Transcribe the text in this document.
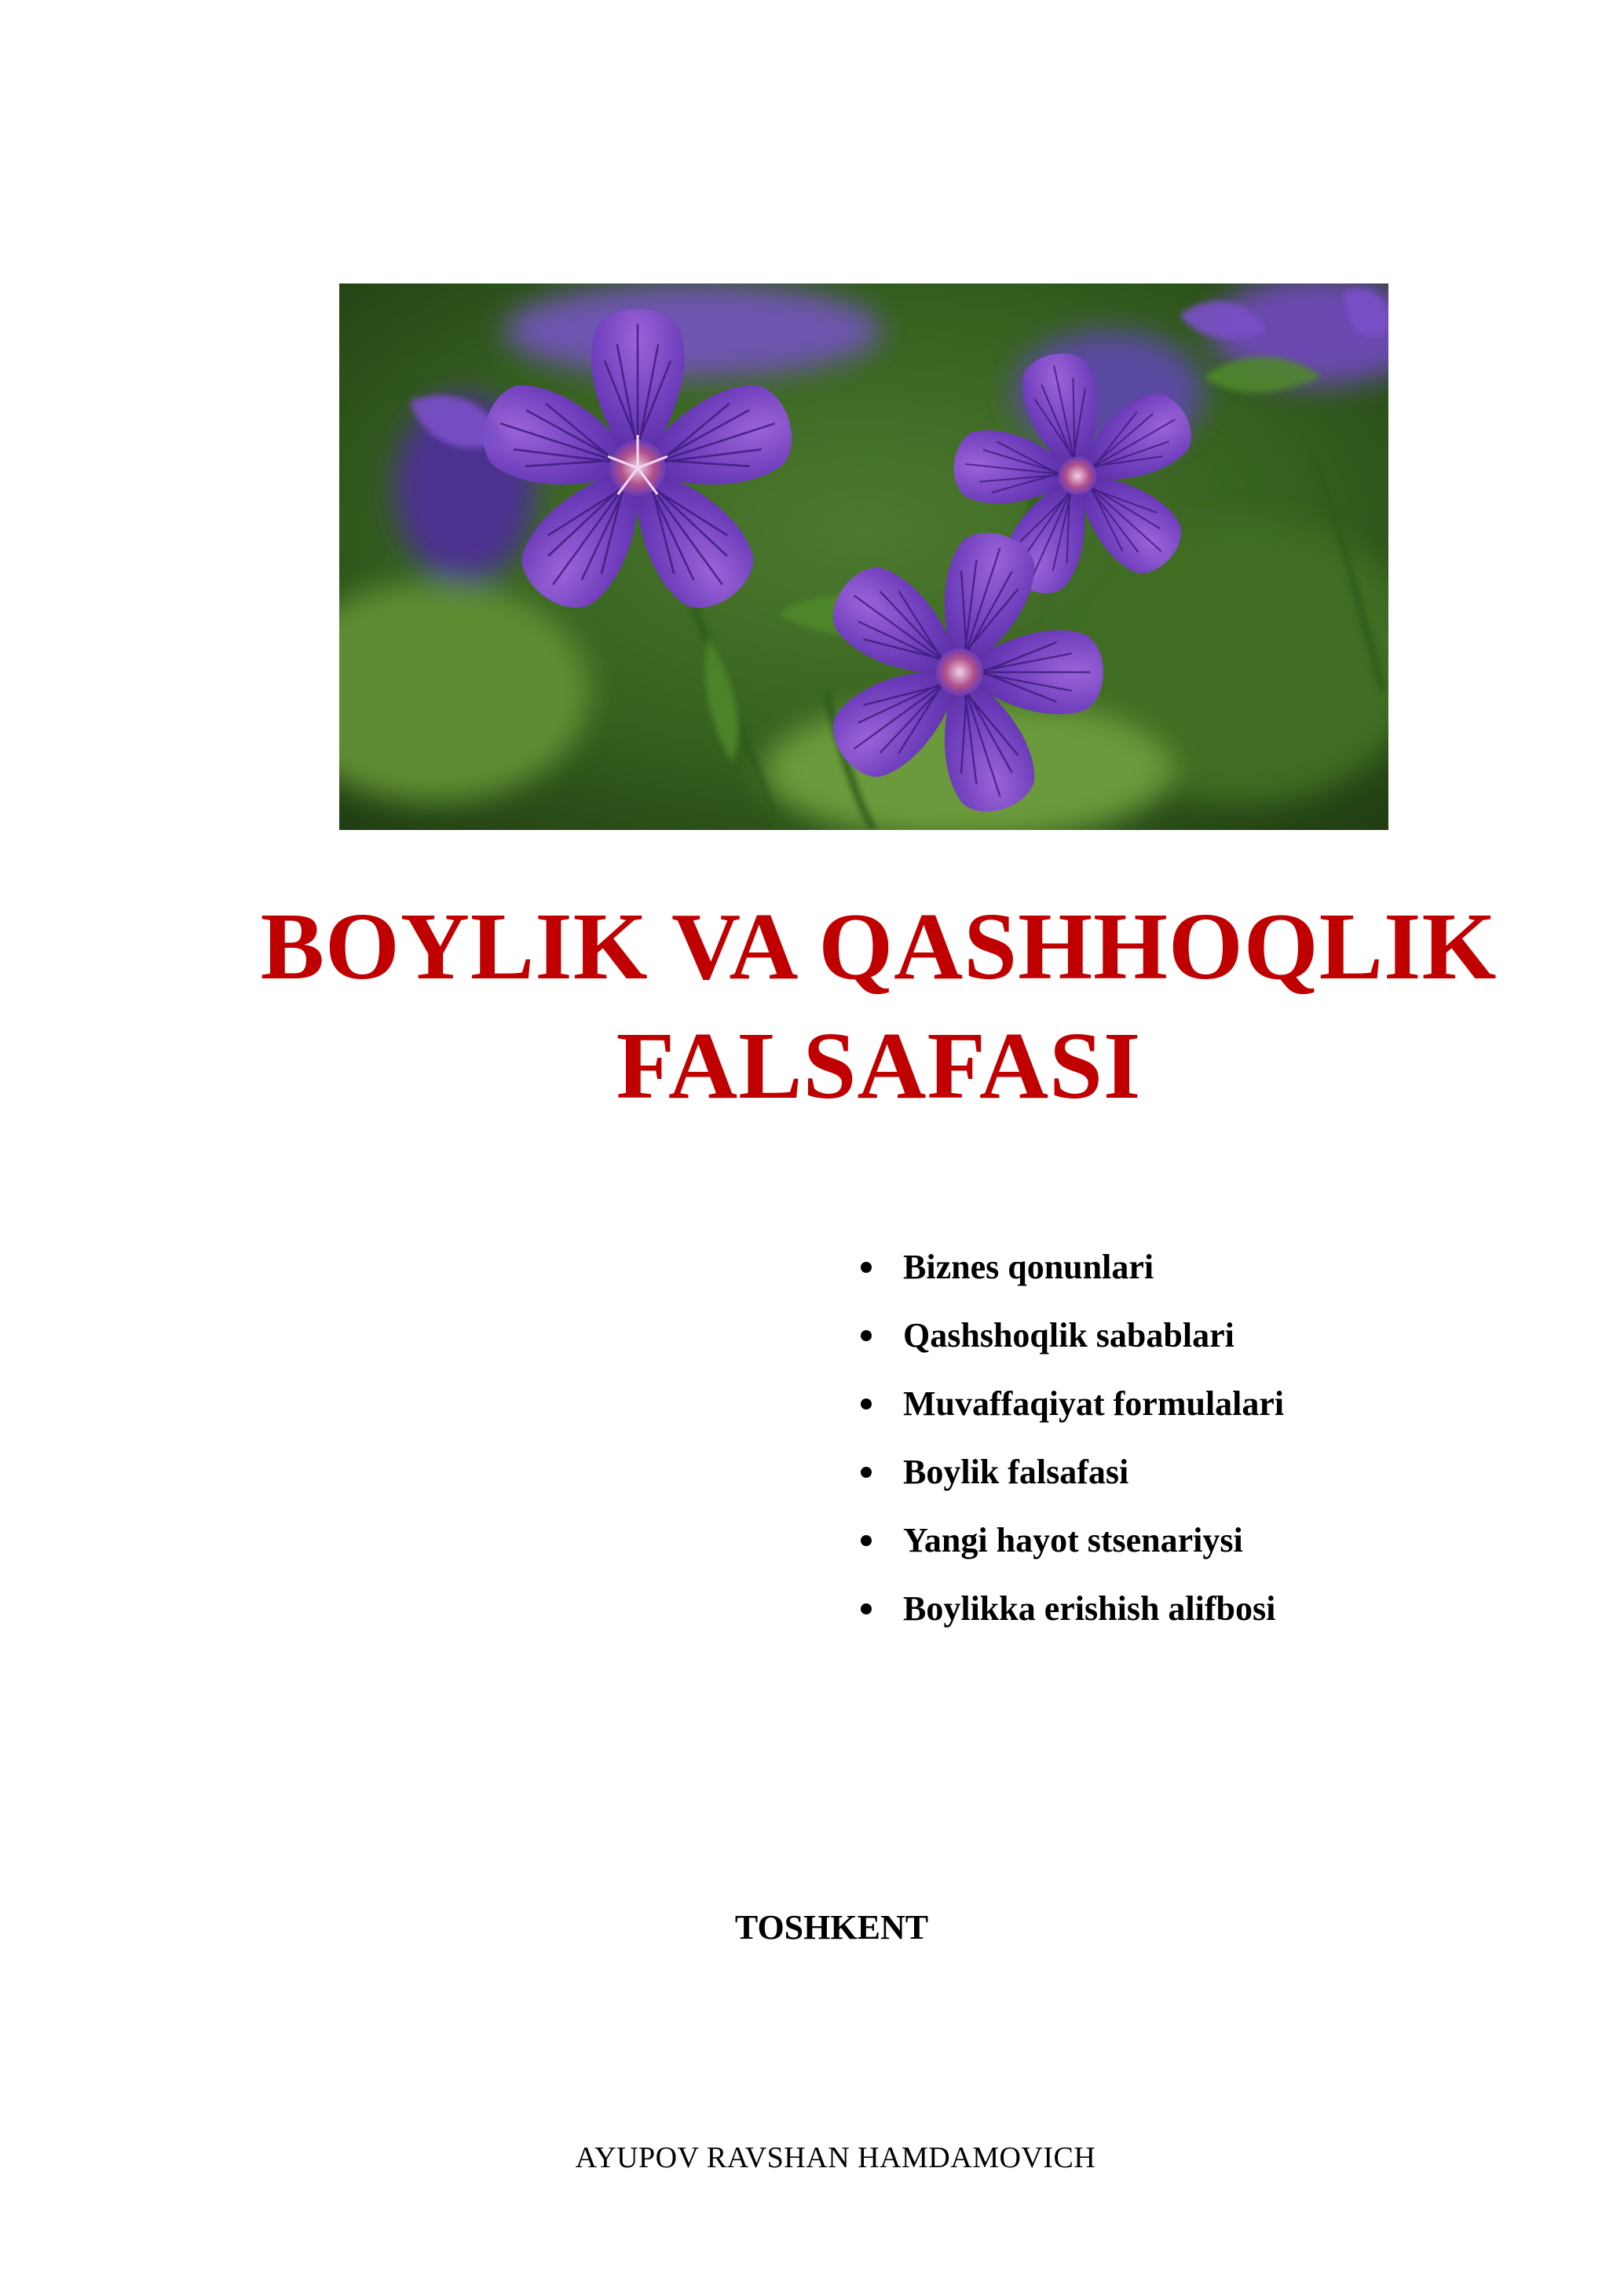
BOYLIK VA QASHHOQLIK
FALSAFASI
Biznes qonunlari
Qashshoqlik sabablari
Muvaffaqiyat formulalari
Boylik falsafasi
Yangi hayot stsenariysi
Boylikka erishish alifbosi
TOSHKENT
AYUPOV RAVSHAN HAMDAMOVICH
